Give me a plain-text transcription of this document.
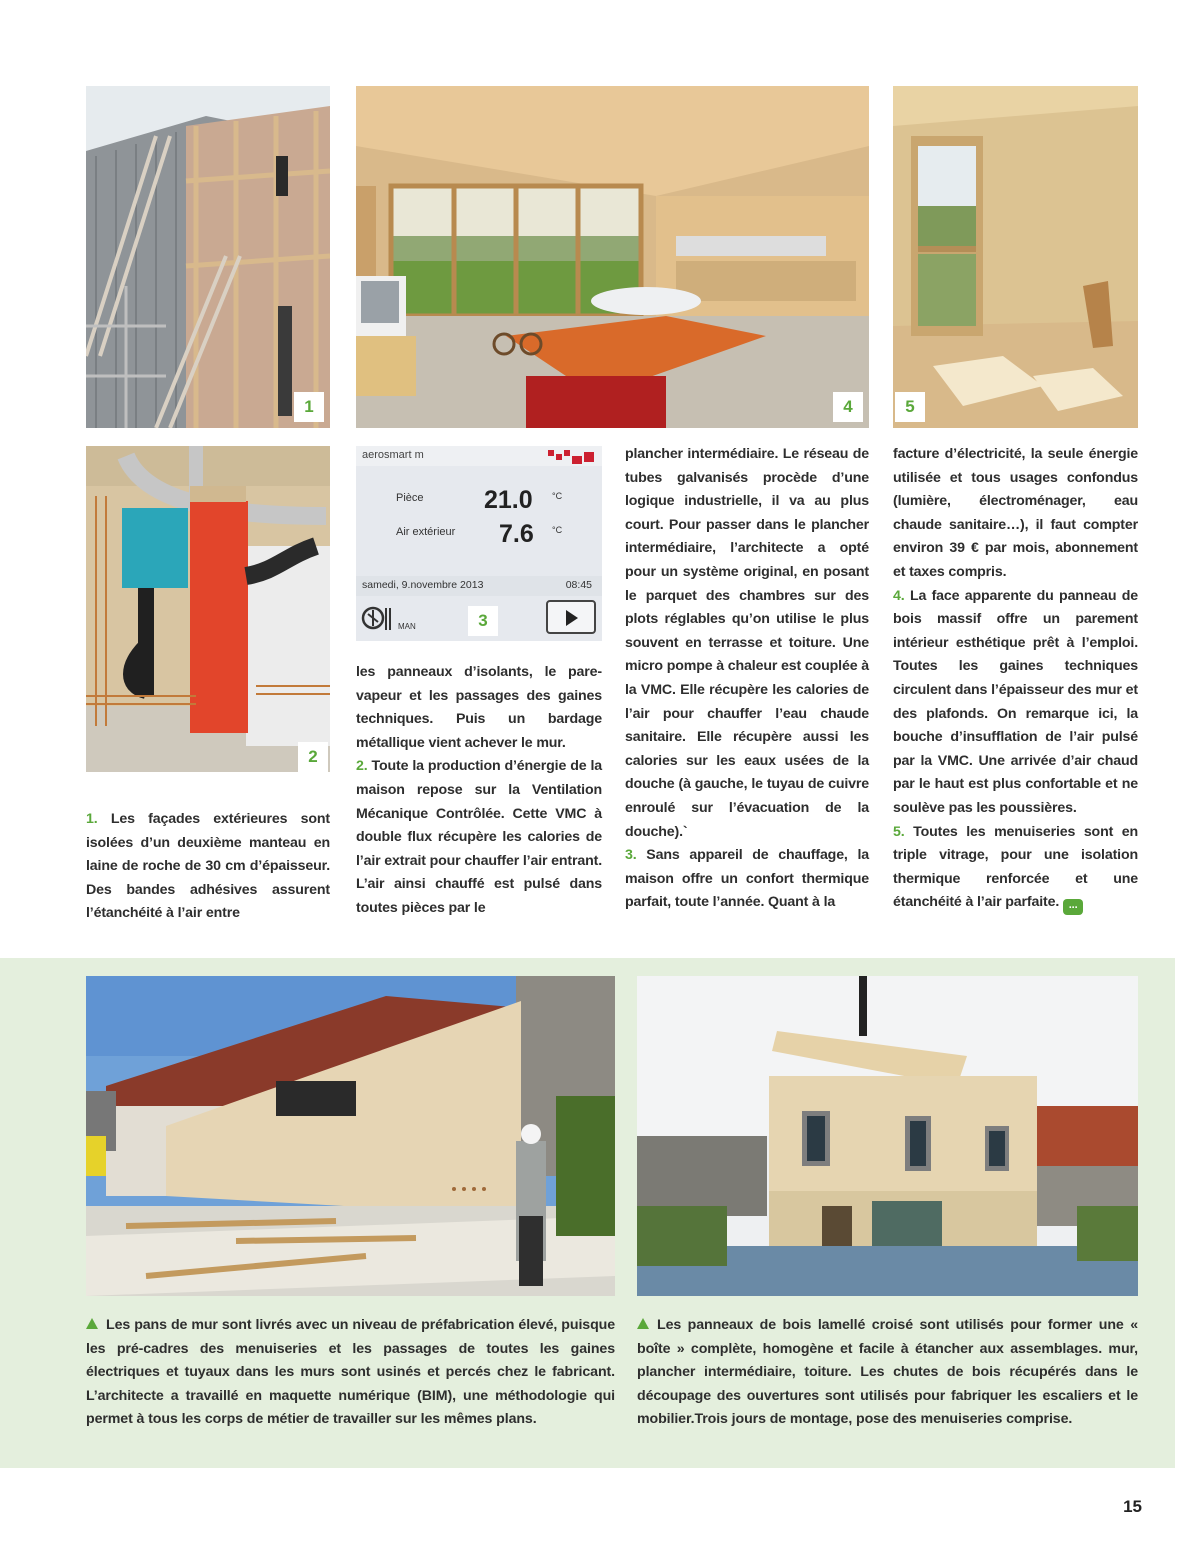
1	4	5
2
aerosmart m
Pièce 21.0 °C
Air extérieur 7.6 °C
samedi, 9.novembre 2013	08:45
MAN	3

1. Les façades extérieures sont isolées d’un deuxième manteau en laine de roche de 30 cm d’épaisseur. Des bandes adhésives assurent l’étanchéité à l’air entre

les panneaux d’isolants, le pare-vapeur et les passages des gaines techniques. Puis un bardage métallique vient achever le mur.
2. Toute la production d’énergie de la maison repose sur la Ventilation Mécanique Contrôlée. Cette VMC à double flux récupère les calories de l’air extrait pour chauffer l’air entrant. L’air ainsi chauffé est pulsé dans toutes pièces par le

plancher intermédiaire. Le réseau de tubes galvanisés procède d’une logique industrielle, il va au plus court. Pour passer dans le plancher intermédiaire, l’architecte a opté pour un système original, en posant le parquet des chambres sur des plots réglables qu’on utilise le plus souvent en terrasse et toiture. Une micro pompe à chaleur est couplée à la VMC. Elle récupère les calories de l’air pour chauffer l’eau chaude sanitaire. Elle récupère aussi les calories sur les eaux usées de la douche (à gauche, le tuyau de cuivre enroulé sur l’évacuation de la douche).`
3. Sans appareil de chauffage, la maison offre un confort thermique parfait, toute l’année. Quant à la

facture d’électricité, la seule énergie utilisée et tous usages confondus (lumière, électroménager, eau chaude sanitaire…), il faut compter environ 39 € par mois, abonnement et taxes compris.
4. La face apparente du panneau de bois massif offre un parement intérieur esthétique prêt à l’emploi. Toutes les gaines techniques circulent dans l’épaisseur des mur et des plafonds. On remarque ici, la bouche d’insufflation de l’air pulsé par la VMC. Une arrivée d’air chaud par le haut est plus confortable et ne soulève pas les poussières.
5. Toutes les menuiseries sont en triple vitrage, pour une isolation thermique renforcée et une étanchéité à l’air parfaite. ...

Les pans de mur sont livrés avec un niveau de préfabrication élevé, puisque les pré-cadres des menuiseries et les passages de toutes les gaines électriques et tuyaux dans les murs sont usinés et percés chez le fabricant. L’architecte a travaillé en maquette numérique (BIM), une méthodologie qui permet à tous les corps de métier de travailler sur les mêmes plans.
Les panneaux de bois lamellé croisé sont utilisés pour former une « boîte » complète, homogène et facile à étancher aux assemblages. mur, plancher intermédiaire, toiture. Les chutes de bois récupérés dans le découpage des ouvertures sont utilisés pour fabriquer les escaliers et le mobilier.Trois jours de montage, pose des menuiseries comprise.
15
